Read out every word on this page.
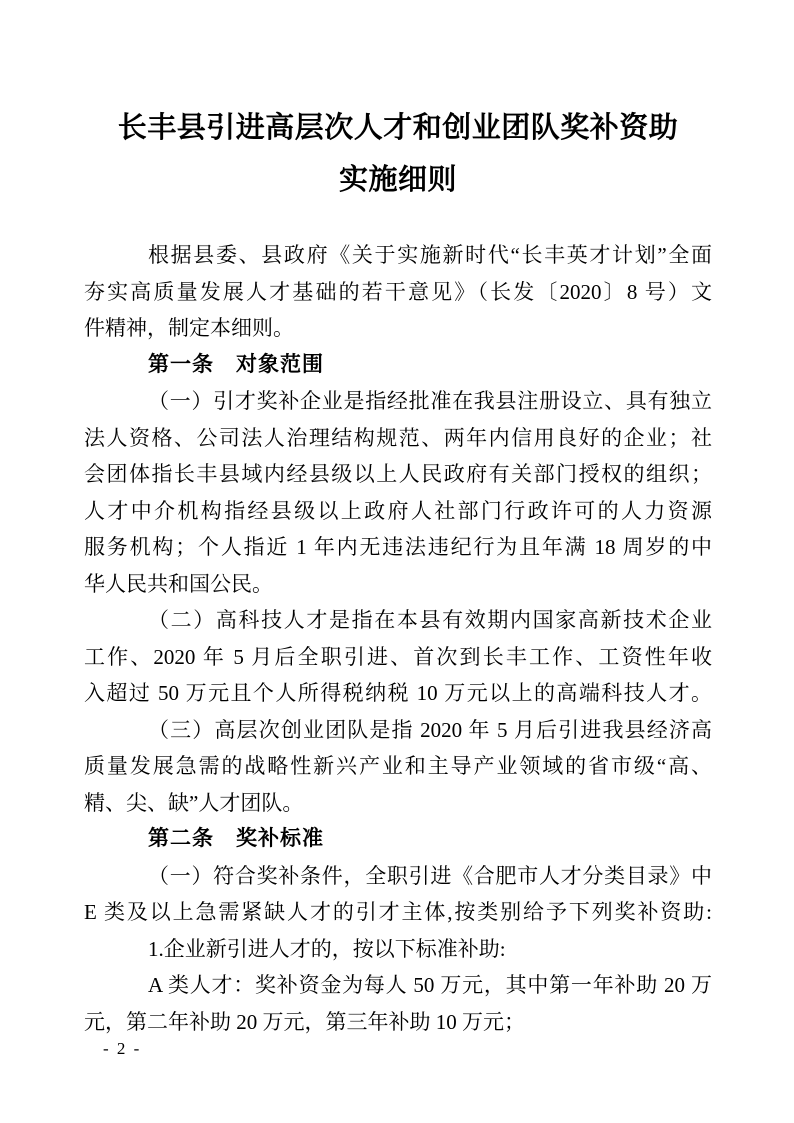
长丰县引进高层次人才和创业团队奖补资助
实施细则
根据县委、县政府《关于实施新时代“长丰英才计划”全面
夯实高质量发展人才基础的若干意见》（长发〔2020〕8 号）文
件精神，制定本细则。
第一条　对象范围
（一）引才奖补企业是指经批准在我县注册设立、具有独立
法人资格、公司法人治理结构规范、两年内信用良好的企业；社
会团体指长丰县域内经县级以上人民政府有关部门授权的组织；
人才中介机构指经县级以上政府人社部门行政许可的人力资源
服务机构；个人指近 1 年内无违法违纪行为且年满 18 周岁的中
华人民共和国公民。
（二）高科技人才是指在本县有效期内国家高新技术企业
工作、2020 年 5 月后全职引进、首次到长丰工作、工资性年收
入超过 50 万元且个人所得税纳税 10 万元以上的高端科技人才。
（三）高层次创业团队是指 2020 年 5 月后引进我县经济高
质量发展急需的战略性新兴产业和主导产业领域的省市级“高、
精、尖、缺”人才团队。
第二条　奖补标准
（一）符合奖补条件，全职引进《合肥市人才分类目录》中
E 类及以上急需紧缺人才的引才主体,按类别给予下列奖补资助:
1.企业新引进人才的，按以下标准补助:
A 类人才：奖补资金为每人 50 万元，其中第一年补助 20 万
元，第二年补助 20 万元，第三年补助 10 万元；
- 2 -
